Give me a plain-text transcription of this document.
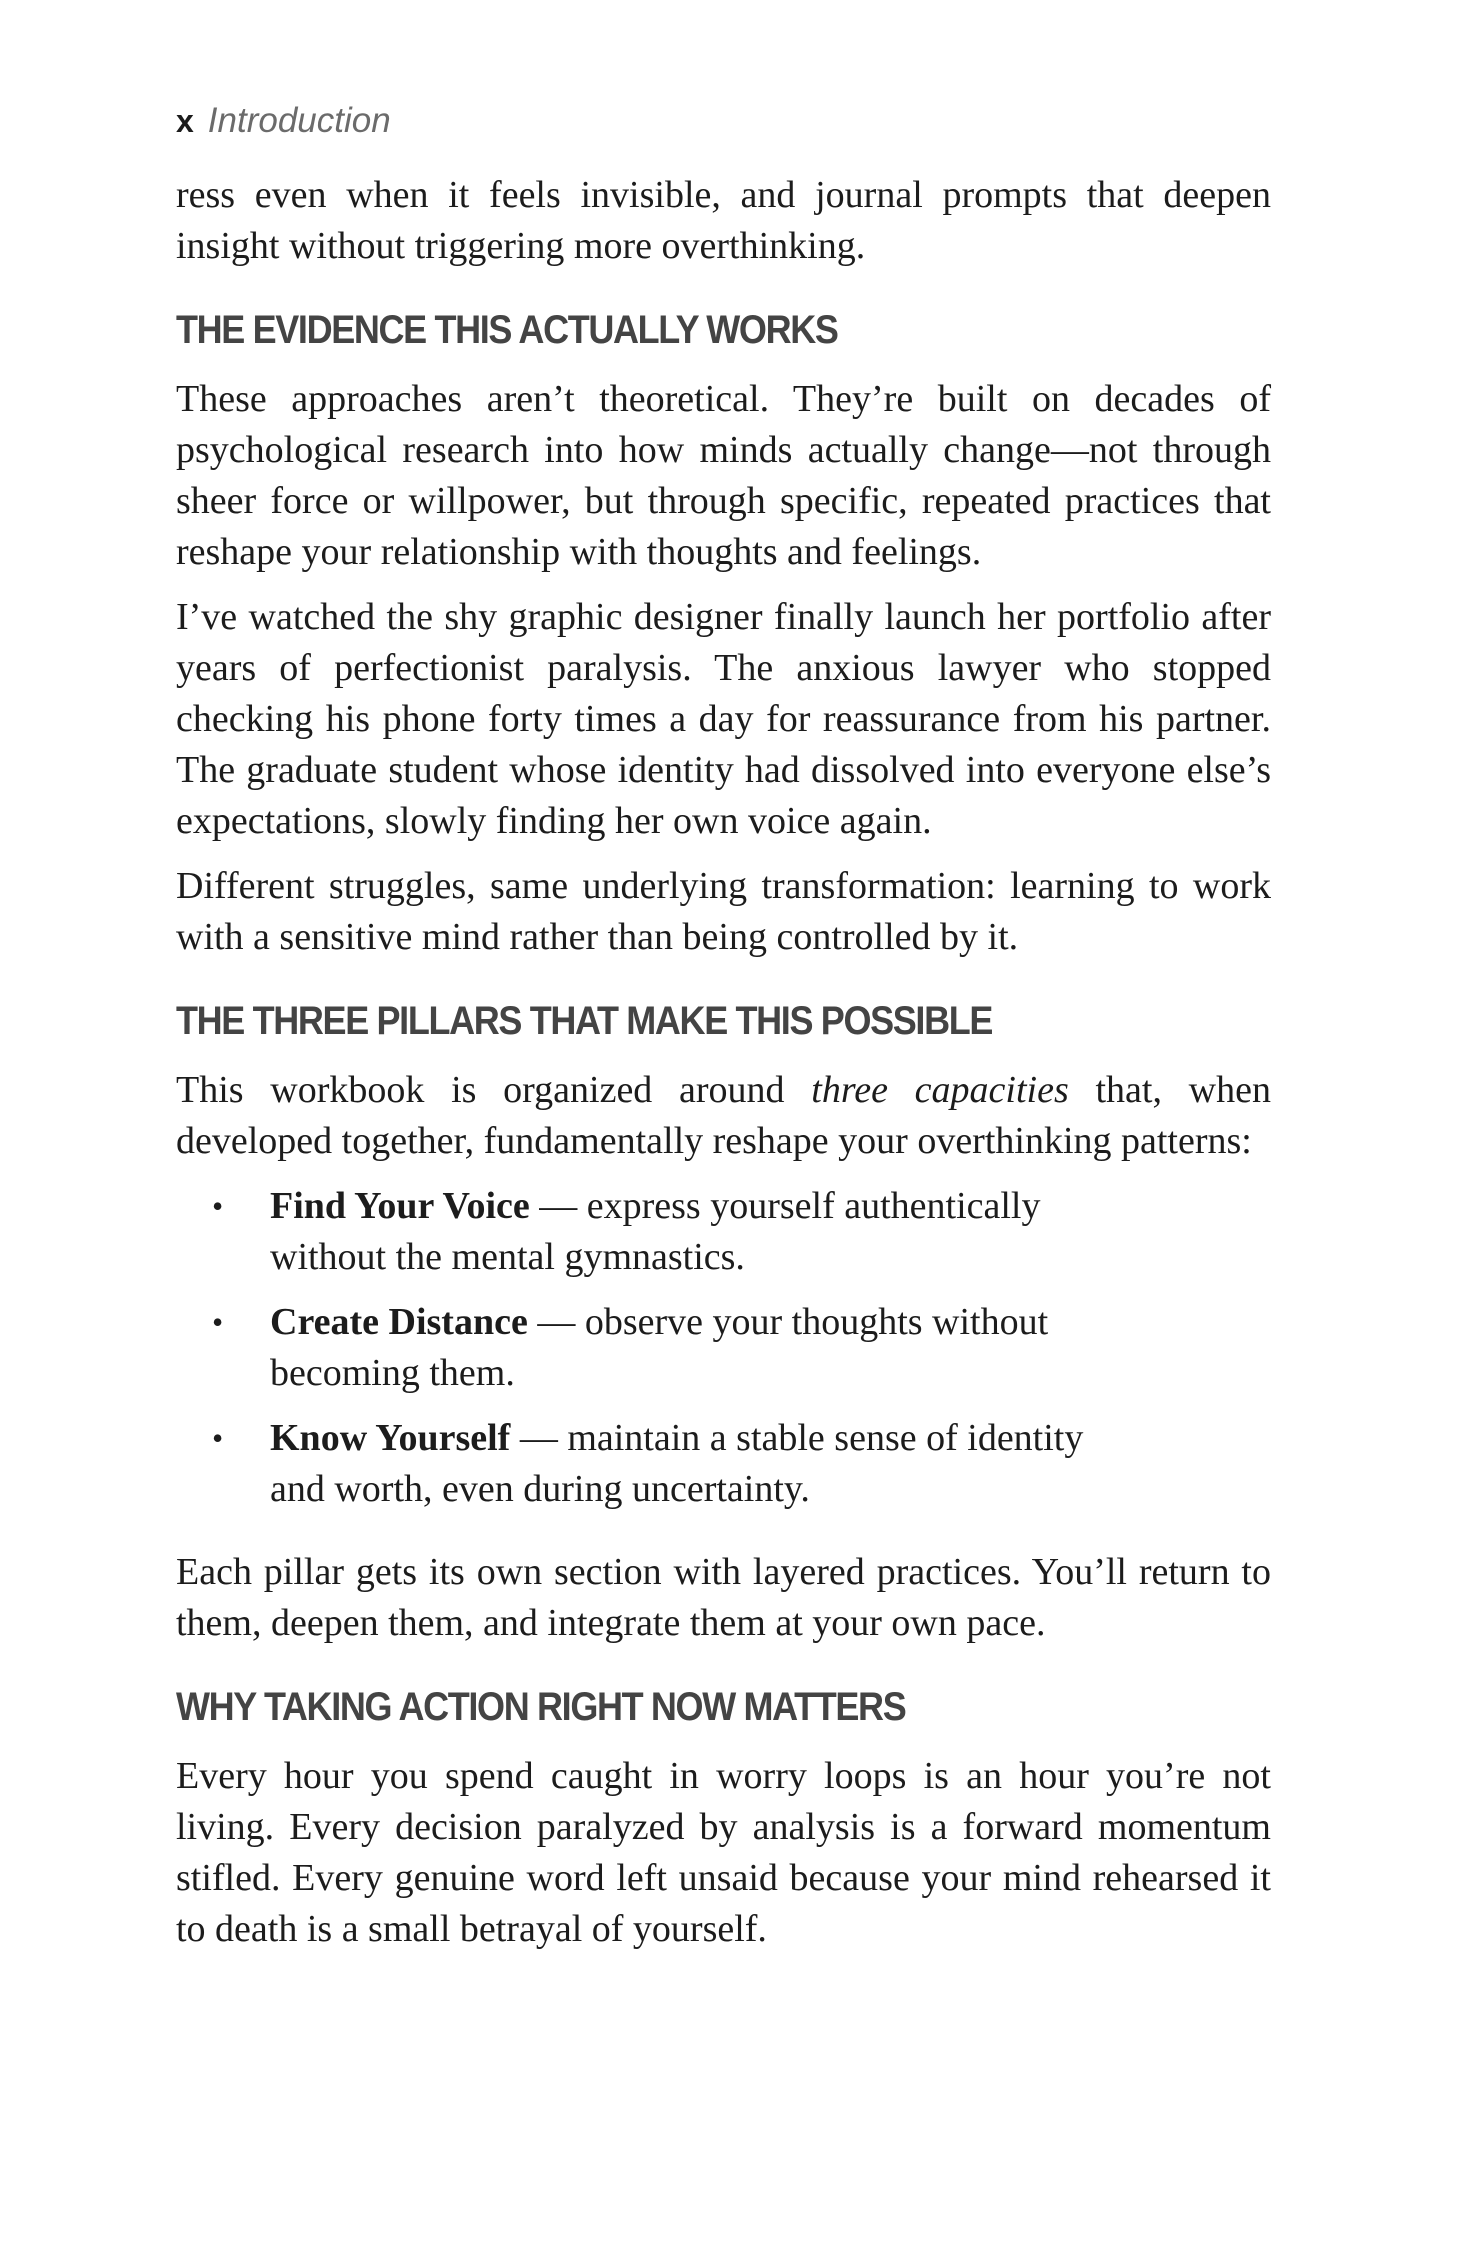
x Introduction

ress even when it feels invisible, and journal prompts that deepen insight without triggering more overthinking.

THE EVIDENCE THIS ACTUALLY WORKS

These approaches aren’t theoretical. They’re built on decades of psychological research into how minds actually change—not through sheer force or willpower, but through specific, repeated practices that reshape your relationship with thoughts and feelings.

I’ve watched the shy graphic designer finally launch her portfolio after years of perfectionist paralysis. The anxious lawyer who stopped checking his phone forty times a day for reassurance from his partner. The graduate student whose identity had dissolved into everyone else’s expectations, slowly finding her own voice again.

Different struggles, same underlying transformation: learning to work with a sensitive mind rather than being controlled by it.

THE THREE PILLARS THAT MAKE THIS POSSIBLE

This workbook is organized around three capacities that, when developed together, fundamentally reshape your overthinking patterns:

• Find Your Voice — express yourself authentically without the mental gymnastics.
• Create Distance — observe your thoughts without becoming them.
• Know Yourself — maintain a stable sense of identity and worth, even during uncertainty.

Each pillar gets its own section with layered practices. You’ll return to them, deepen them, and integrate them at your own pace.

WHY TAKING ACTION RIGHT NOW MATTERS

Every hour you spend caught in worry loops is an hour you’re not living. Every decision paralyzed by analysis is a forward momentum stifled. Every genuine word left unsaid because your mind rehearsed it to death is a small betrayal of yourself.
